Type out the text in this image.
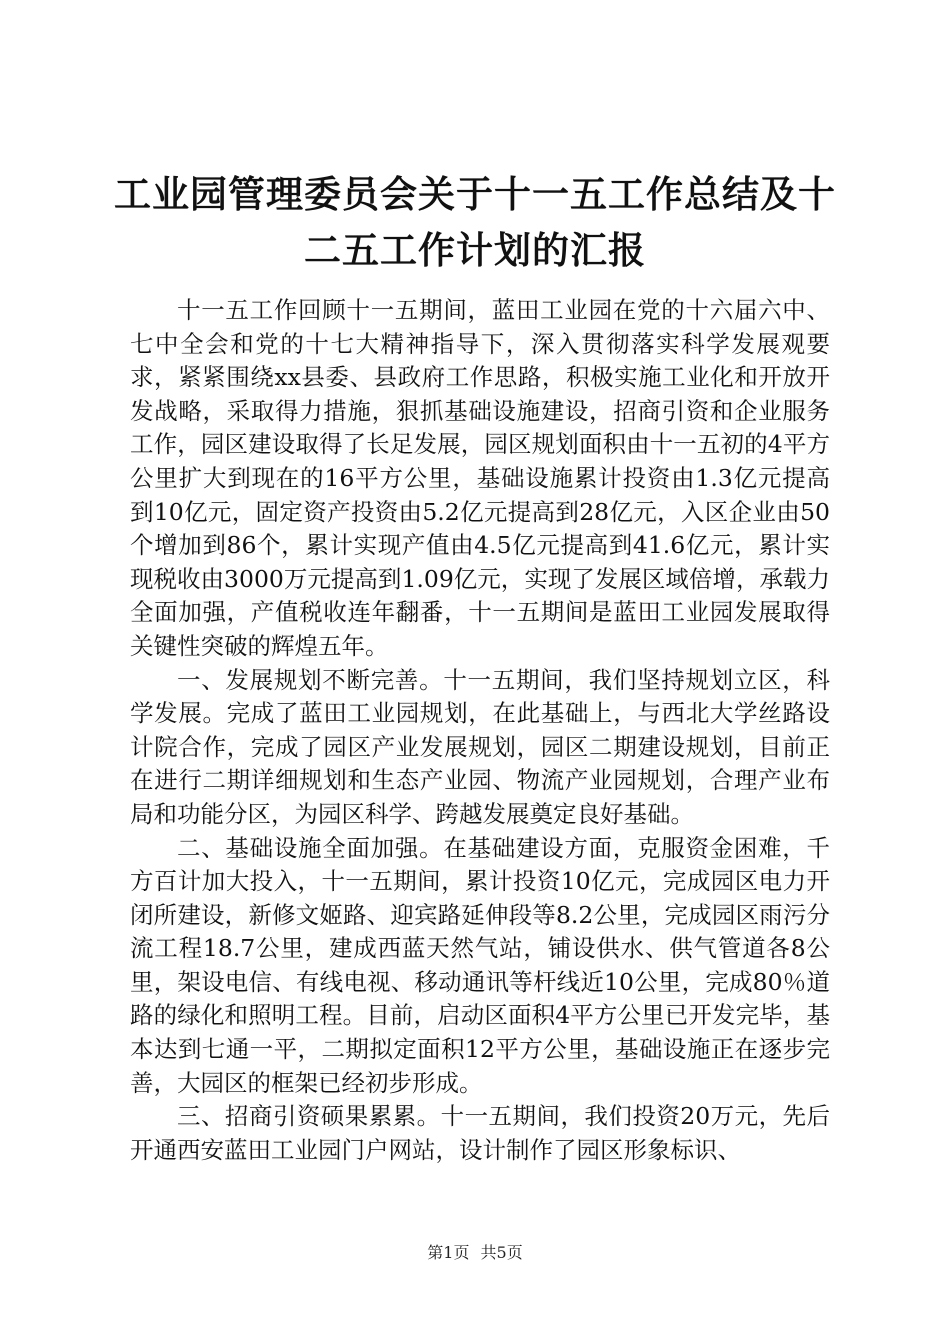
工业园管理委员会关于十一五工作总结及十二五工作计划的汇报

十一五工作回顾十一五期间，蓝田工业园在党的十六届六中、七中全会和党的十七大精神指导下，深入贯彻落实科学发展观要求，紧紧围绕xx县委、县政府工作思路，积极实施工业化和开放开发战略，采取得力措施，狠抓基础设施建设，招商引资和企业服务工作，园区建设取得了长足发展，园区规划面积由十一五初的4平方公里扩大到现在的16平方公里，基础设施累计投资由1.3亿元提高到10亿元，固定资产投资由5.2亿元提高到28亿元，入区企业由50个增加到86个，累计实现产值由4.5亿元提高到41.6亿元，累计实现税收由3000万元提高到1.09亿元，实现了发展区域倍增，承载力全面加强，产值税收连年翻番，十一五期间是蓝田工业园发展取得关键性突破的辉煌五年。

一、发展规划不断完善。十一五期间，我们坚持规划立区，科学发展。完成了蓝田工业园规划，在此基础上，与西北大学丝路设计院合作，完成了园区产业发展规划，园区二期建设规划，目前正在进行二期详细规划和生态产业园、物流产业园规划，合理产业布局和功能分区，为园区科学、跨越发展奠定良好基础。

二、基础设施全面加强。在基础建设方面，克服资金困难，千方百计加大投入，十一五期间，累计投资10亿元，完成园区电力开闭所建设，新修文姬路、迎宾路延伸段等8.2公里，完成园区雨污分流工程18.7公里，建成西蓝天然气站，铺设供水、供气管道各8公里，架设电信、有线电视、移动通讯等杆线近10公里，完成80％道路的绿化和照明工程。目前，启动区面积4平方公里已开发完毕，基本达到七通一平，二期拟定面积12平方公里，基础设施正在逐步完善，大园区的框架已经初步形成。

三、招商引资硕果累累。十一五期间，我们投资20万元，先后开通西安蓝田工业园门户网站，设计制作了园区形象标识、

第1页 共5页
